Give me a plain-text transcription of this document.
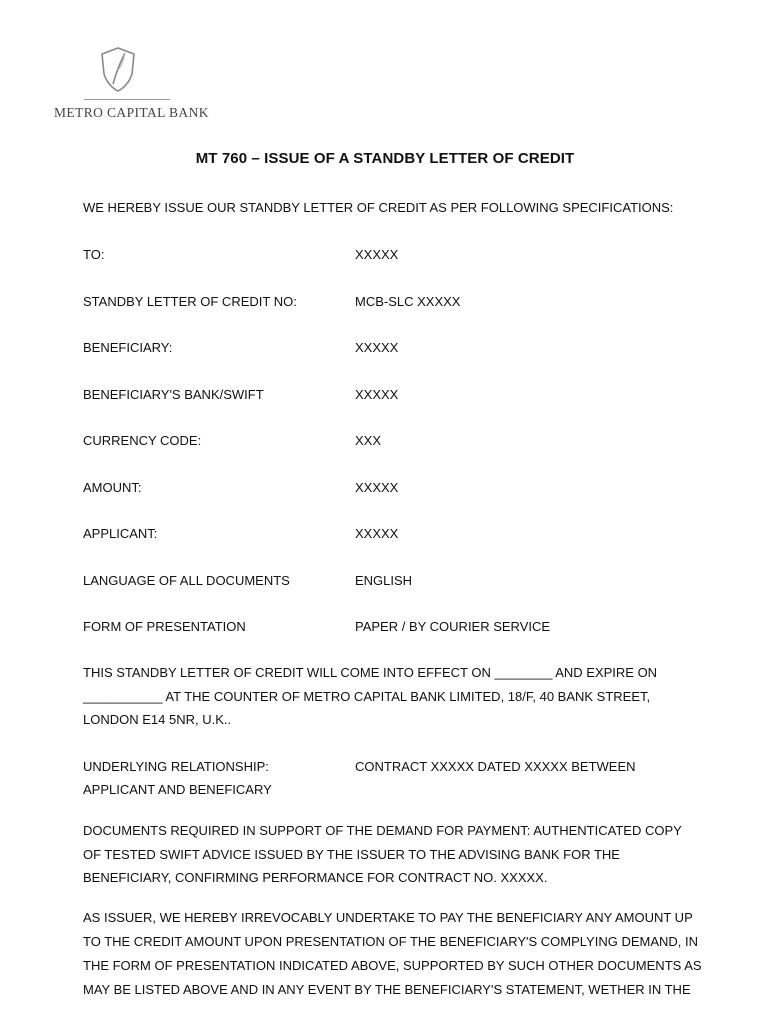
METRO CAPITAL BANK
MT 760 – ISSUE OF A STANDBY LETTER OF CREDIT
WE HEREBY ISSUE OUR STANDBY LETTER OF CREDIT AS PER FOLLOWING SPECIFICATIONS:
TO:	XXXXX
STANDBY LETTER OF CREDIT NO:	MCB-SLC XXXXX
BENEFICIARY:	XXXXX
BENEFICIARY'S BANK/SWIFT	XXXXX
CURRENCY CODE:	XXX
AMOUNT:	XXXXX
APPLICANT:	XXXXX
LANGUAGE OF ALL DOCUMENTS	ENGLISH
FORM OF PRESENTATION	PAPER / BY COURIER SERVICE
THIS STANDBY LETTER OF CREDIT WILL COME INTO EFFECT ON ________ AND EXPIRE ON
___________ AT THE COUNTER OF METRO CAPITAL BANK LIMITED, 18/F, 40 BANK STREET,
LONDON E14 5NR, U.K..
UNDERLYING RELATIONSHIP:	CONTRACT XXXXX DATED XXXXX BETWEEN
APPLICANT AND BENEFICARY
DOCUMENTS REQUIRED IN SUPPORT OF THE DEMAND FOR PAYMENT: AUTHENTICATED COPY
OF TESTED SWIFT ADVICE ISSUED BY THE ISSUER TO THE ADVISING BANK FOR THE
BENEFICIARY, CONFIRMING PERFORMANCE FOR CONTRACT NO. XXXXX.
AS ISSUER, WE HEREBY IRREVOCABLY UNDERTAKE TO PAY THE BENEFICIARY ANY AMOUNT UP
TO THE CREDIT AMOUNT UPON PRESENTATION OF THE BENEFICIARY'S COMPLYING DEMAND, IN
THE FORM OF PRESENTATION INDICATED ABOVE, SUPPORTED BY SUCH OTHER DOCUMENTS AS
MAY BE LISTED ABOVE AND IN ANY EVENT BY THE BENEFICIARY'S STATEMENT, WETHER IN THE
